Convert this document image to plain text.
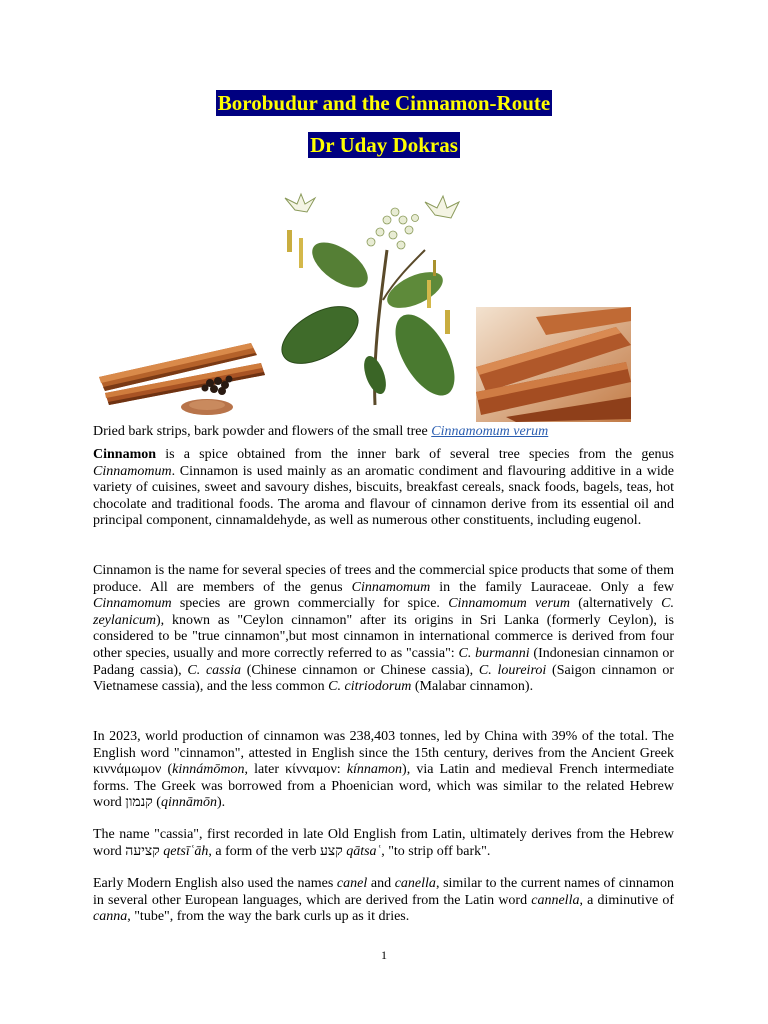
Borobudur and the Cinnamon-Route
Dr Uday Dokras
Dried bark strips, bark powder and flowers of the small tree Cinnamomum verum

Cinnamon is a spice obtained from the inner bark of several tree species from the genus Cinnamomum. Cinnamon is used mainly as an aromatic condiment and flavouring additive in a wide variety of cuisines, sweet and savoury dishes, biscuits, breakfast cereals, snack foods, bagels, teas, hot chocolate and traditional foods. The aroma and flavour of cinnamon derive from its essential oil and principal component, cinnamaldehyde, as well as numerous other constituents, including eugenol.

Cinnamon is the name for several species of trees and the commercial spice products that some of them produce. All are members of the genus Cinnamomum in the family Lauraceae. Only a few Cinnamomum species are grown commercially for spice. Cinnamomum verum (alternatively C. zeylanicum), known as "Ceylon cinnamon" after its origins in Sri Lanka (formerly Ceylon), is considered to be "true cinnamon",but most cinnamon in international commerce is derived from four other species, usually and more correctly referred to as "cassia": C. burmanni (Indonesian cinnamon or Padang cassia), C. cassia (Chinese cinnamon or Chinese cassia), C. loureiroi (Saigon cinnamon or Vietnamese cassia), and the less common C. citriodorum (Malabar cinnamon).

In 2023, world production of cinnamon was 238,403 tonnes, led by China with 39% of the total. The English word "cinnamon", attested in English since the 15th century, derives from the Ancient Greek κιννάμωμον (kinnámōmon, later κίνναμον: kínnamon), via Latin and medieval French intermediate forms. The Greek was borrowed from a Phoenician word, which was similar to the related Hebrew word קנמון (qinnāmōn).

The name "cassia", first recorded in late Old English from Latin, ultimately derives from the Hebrew word קציעה qetsīʿāh, a form of the verb קצע qātsaʿ, "to strip off bark".

Early Modern English also used the names canel and canella, similar to the current names of cinnamon in several other European languages, which are derived from the Latin word cannella, a diminutive of canna, "tube", from the way the bark curls up as it dries.

1
